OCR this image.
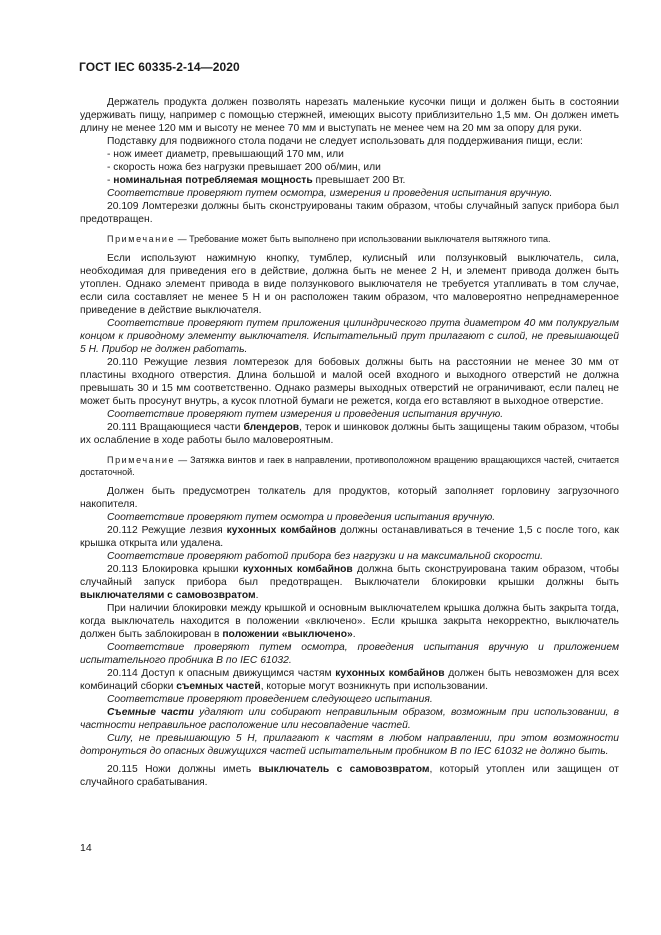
ГОСТ IEC 60335-2-14—2020

Держатель продукта должен позволять нарезать маленькие кусочки пищи и должен быть в состоянии удерживать пищу, например с помощью стержней, имеющих высоту приблизительно 1,5 мм. Он должен иметь длину не менее 120 мм и высоту не менее 70 мм и выступать не менее чем на 20 мм за опору для руки.

Подставку для подвижного стола подачи не следует использовать для поддерживания пищи, если:

- нож имеет диаметр, превышающий 170 мм, или

- скорость ножа без нагрузки превышает 200 об/мин, или

- номинальная потребляемая мощность превышает 200 Вт.

Соответствие проверяют путем осмотра, измерения и проведения испытания вручную.

20.109 Ломтерезки должны быть сконструированы таким образом, чтобы случайный запуск прибора был предотвращен.

Примечание — Требование может быть выполнено при использовании выключателя вытяжного типа.

Если используют нажимную кнопку, тумблер, кулисный или ползунковый выключатель, сила, необходимая для приведения его в действие, должна быть не менее 2 Н, и элемент привода должен быть утоплен. Однако элемент привода в виде ползункового выключателя не требуется утапливать в том случае, если сила составляет не менее 5 Н и он расположен таким образом, что маловероятно непреднамеренное приведение в действие выключателя.

Соответствие проверяют путем приложения цилиндрического прута диаметром 40 мм полукруглым концом к приводному элементу выключателя. Испытательный прут прилагают с силой, не превышающей 5 Н. Прибор не должен работать.

20.110 Режущие лезвия ломтерезок для бобовых должны быть на расстоянии не менее 30 мм от пластины входного отверстия. Длина большой и малой осей входного и выходного отверстий не должна превышать 30 и 15 мм соответственно. Однако размеры выходных отверстий не ограничивают, если палец не может быть просунут внутрь, а кусок плотной бумаги не режется, когда его вставляют в выходное отверстие.

Соответствие проверяют путем измерения и проведения испытания вручную.

20.111 Вращающиеся части блендеров, терок и шинковок должны быть защищены таким образом, чтобы их ослабление в ходе работы было маловероятным.

Примечание — Затяжка винтов и гаек в направлении, противоположном вращению вращающихся частей, считается достаточной.

Должен быть предусмотрен толкатель для продуктов, который заполняет горловину загрузочного накопителя.

Соответствие проверяют путем осмотра и проведения испытания вручную.

20.112 Режущие лезвия кухонных комбайнов должны останавливаться в течение 1,5 с после того, как крышка открыта или удалена.

Соответствие проверяют работой прибора без нагрузки и на максимальной скорости.

20.113 Блокировка крышки кухонных комбайнов должна быть сконструирована таким образом, чтобы случайный запуск прибора был предотвращен. Выключатели блокировки крышки должны быть выключателями с самовозвратом.

При наличии блокировки между крышкой и основным выключателем крышка должна быть закрыта тогда, когда выключатель находится в положении «включено». Если крышка закрыта некорректно, выключатель должен быть заблокирован в положении «выключено».

Соответствие проверяют путем осмотра, проведения испытания вручную и приложением испытательного пробника B по IEC 61032.

20.114 Доступ к опасным движущимся частям кухонных комбайнов должен быть невозможен для всех комбинаций сборки съемных частей, которые могут возникнуть при использовании.

Соответствие проверяют проведением следующего испытания.

Съемные части удаляют или собирают неправильным образом, возможным при использовании, в частности неправильное расположение или несовпадение частей.

Силу, не превышающую 5 Н, прилагают к частям в любом направлении, при этом возможности дотронуться до опасных движущихся частей испытательным пробником B по IEC 61032 не должно быть.

20.115 Ножи должны иметь выключатель с самовозвратом, который утоплен или защищен от случайного срабатывания.

14
